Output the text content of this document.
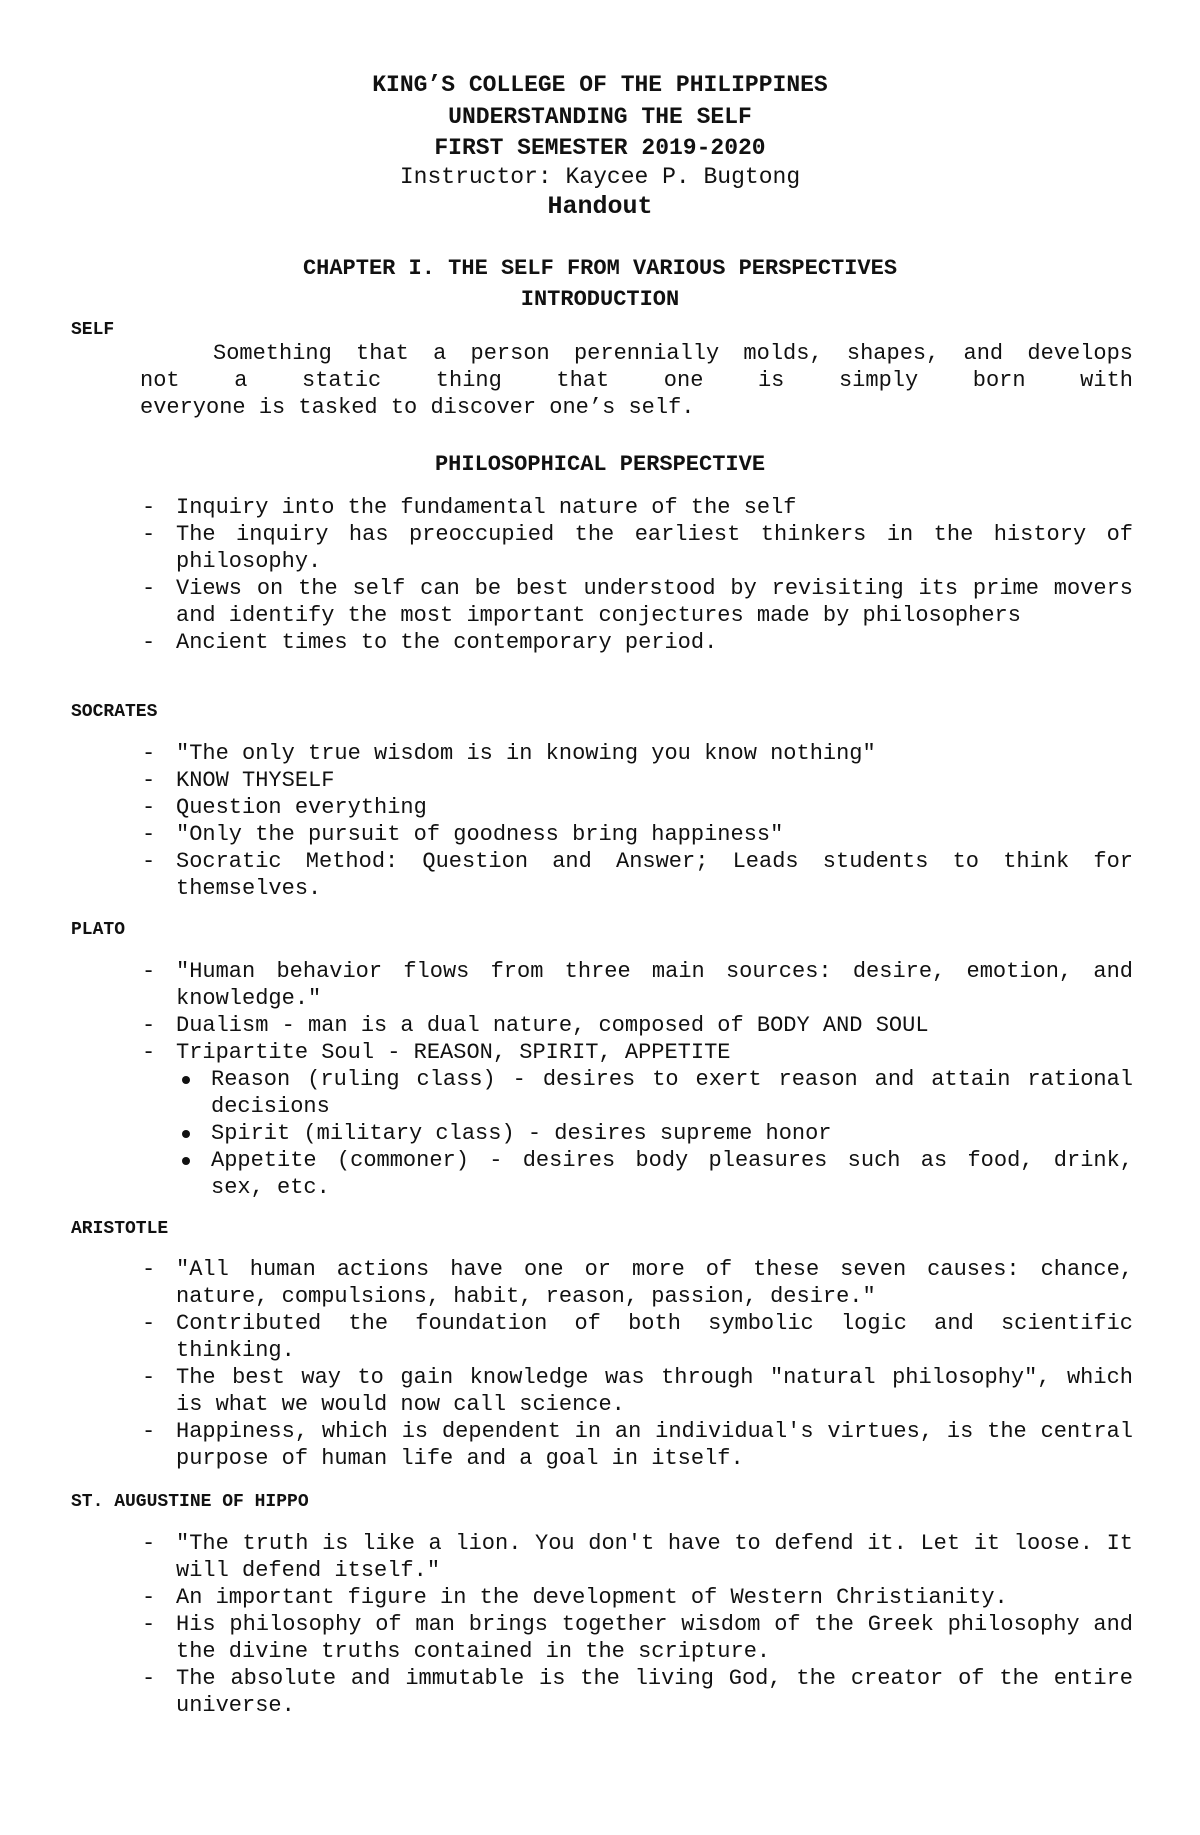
KING’S COLLEGE OF THE PHILIPPINES
UNDERSTANDING THE SELF
FIRST SEMESTER 2019-2020
Instructor: Kaycee P. Bugtong
Handout
CHAPTER I. THE SELF FROM VARIOUS PERSPECTIVES
INTRODUCTION
SELF
Something that a person perennially molds, shapes, and develops
not a static thing that one is simply born with
everyone is tasked to discover one’s self.
PHILOSOPHICAL PERSPECTIVE
- Inquiry into the fundamental nature of the self
- The inquiry has preoccupied the earliest thinkers in the history of philosophy.
- Views on the self can be best understood by revisiting its prime movers and identify the most important conjectures made by philosophers
- Ancient times to the contemporary period.
SOCRATES
- "The only true wisdom is in knowing you know nothing"
- KNOW THYSELF
- Question everything
- "Only the pursuit of goodness bring happiness"
- Socratic Method: Question and Answer; Leads students to think for themselves.
PLATO
- "Human behavior flows from three main sources: desire, emotion, and knowledge."
- Dualism - man is a dual nature, composed of BODY AND SOUL
- Tripartite Soul - REASON, SPIRIT, APPETITE
Reason (ruling class) - desires to exert reason and attain rational decisions
Spirit (military class) - desires supreme honor
Appetite (commoner) - desires body pleasures such as food, drink, sex, etc.
ARISTOTLE
- "All human actions have one or more of these seven causes: chance, nature, compulsions, habit, reason, passion, desire."
- Contributed the foundation of both symbolic logic and scientific thinking.
- The best way to gain knowledge was through "natural philosophy", which is what we would now call science.
- Happiness, which is dependent in an individual's virtues, is the central purpose of human life and a goal in itself.
ST. AUGUSTINE OF HIPPO
- "The truth is like a lion. You don't have to defend it. Let it loose. It will defend itself."
- An important figure in the development of Western Christianity.
- His philosophy of man brings together wisdom of the Greek philosophy and the divine truths contained in the scripture.
- The absolute and immutable is the living God, the creator of the entire universe.
